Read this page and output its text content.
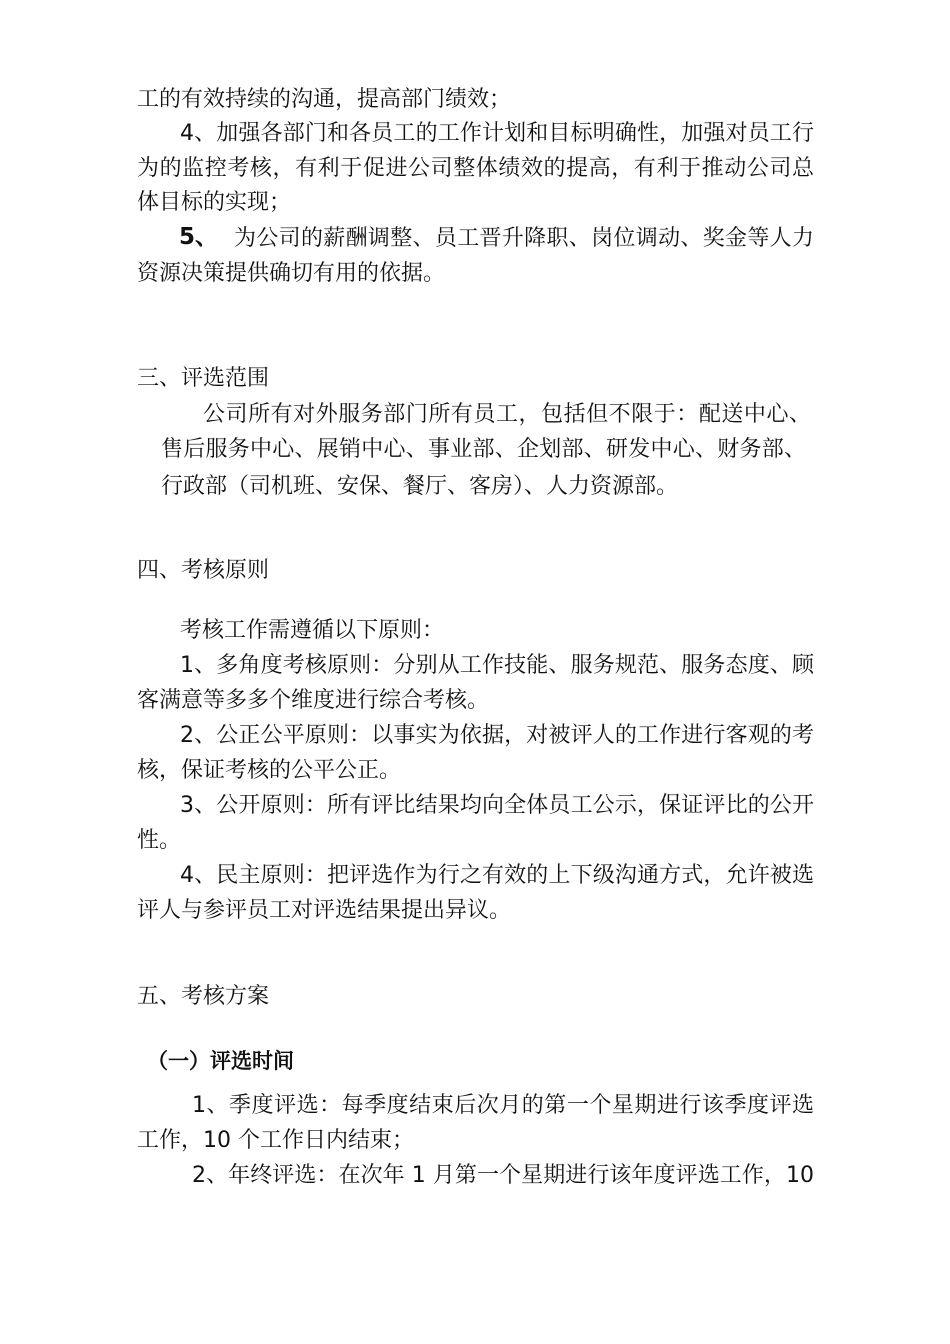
工的有效持续的沟通，提高部门绩效；
4、加强各部门和各员工的工作计划和目标明确性，加强对员工行
为的监控考核，有利于促进公司整体绩效的提高，有利于推动公司总
体目标的实现；
5、 为公司的薪酬调整、员工晋升降职、岗位调动、奖金等人力
资源决策提供确切有用的依据。
三、评选范围
公司所有对外服务部门所有员工，包括但不限于：配送中心、
售后服务中心、展销中心、事业部、企划部、研发中心、财务部、
行政部（司机班、安保、餐厅、客房）、人力资源部。
四、考核原则
考核工作需遵循以下原则：
1、多角度考核原则：分别从工作技能、服务规范、服务态度、顾
客满意等多多个维度进行综合考核。
2、公正公平原则：以事实为依据，对被评人的工作进行客观的考
核，保证考核的公平公正。
3、公开原则：所有评比结果均向全体员工公示，保证评比的公开
性。
4、民主原则：把评选作为行之有效的上下级沟通方式，允许被选
评人与参评员工对评选结果提出异议。
五、考核方案
（一）评选时间
1、季度评选：每季度结束后次月的第一个星期进行该季度评选
工作，10 个工作日内结束；
2、年终评选：在次年 1 月第一个星期进行该年度评选工作，10
